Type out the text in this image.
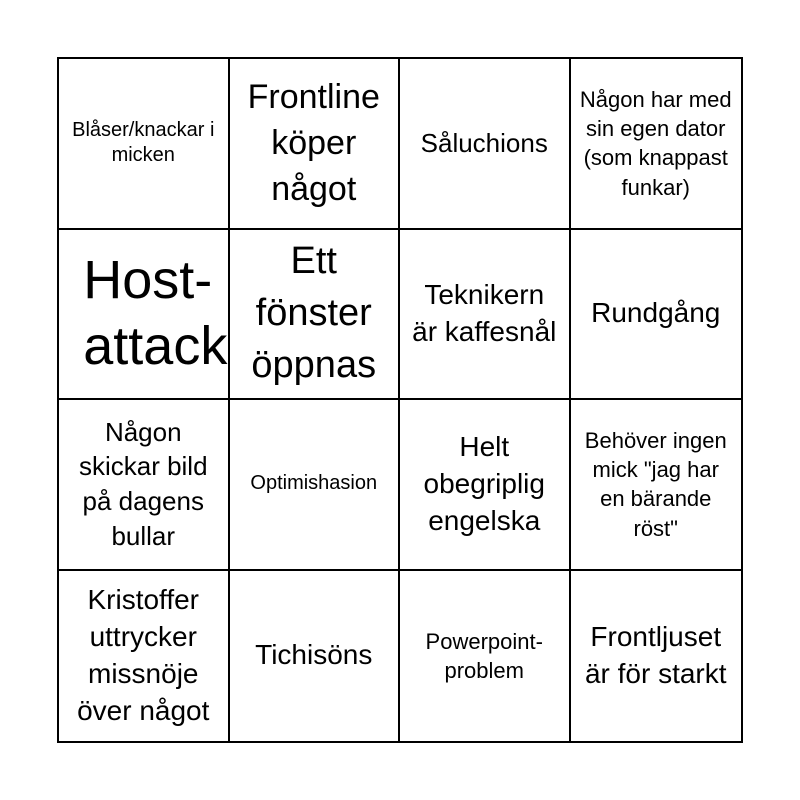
Blåser/knackar i micken
Frontline köper något
Såluchions
Någon har med sin egen dator (som knappast funkar)
Host-attack
Ett fönster öppnas
Teknikern är kaffesnål
Rundgång
Någon skickar bild på dagens bullar
Optimishasion
Helt obegriplig engelska
Behöver ingen mick "jag har en bärande röst"
Kristoffer uttrycker missnöje över något
Tichisöns	Powerpoint-problem
Frontljuset är för starkt
